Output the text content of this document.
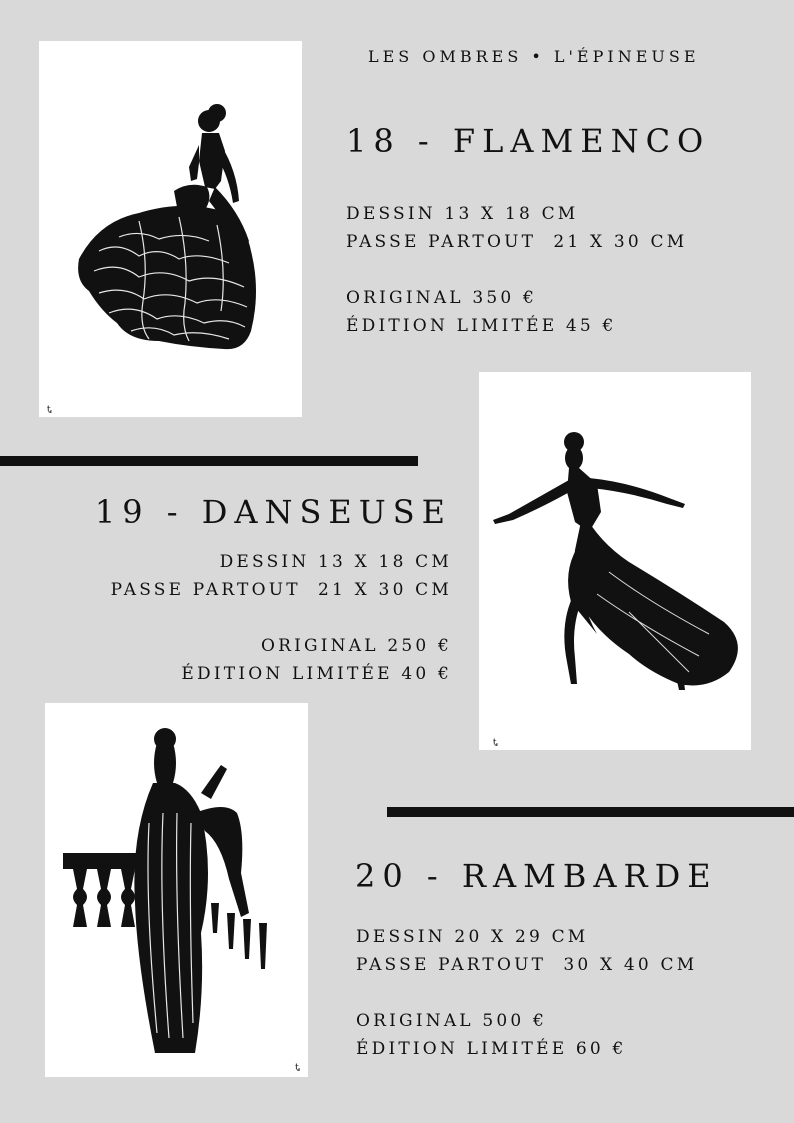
LES OMBRES • L'ÉPINEUSE
Ꮏ
18 - FLAMENCO
DESSIN 13 X 18 CM
PASSE PARTOUT  21 X 30 CM
ORIGINAL 350 €
ÉDITION LIMITÉE 45 €
19 - DANSEUSE
DESSIN 13 X 18 CM
PASSE PARTOUT  21 X 30 CM
ORIGINAL 250 €
ÉDITION LIMITÉE 40 €
Ꮏ
Ꮏ
20 - RAMBARDE
DESSIN 20 X 29 CM
PASSE PARTOUT  30 X 40 CM
ORIGINAL 500 €
ÉDITION LIMITÉE 60 €
